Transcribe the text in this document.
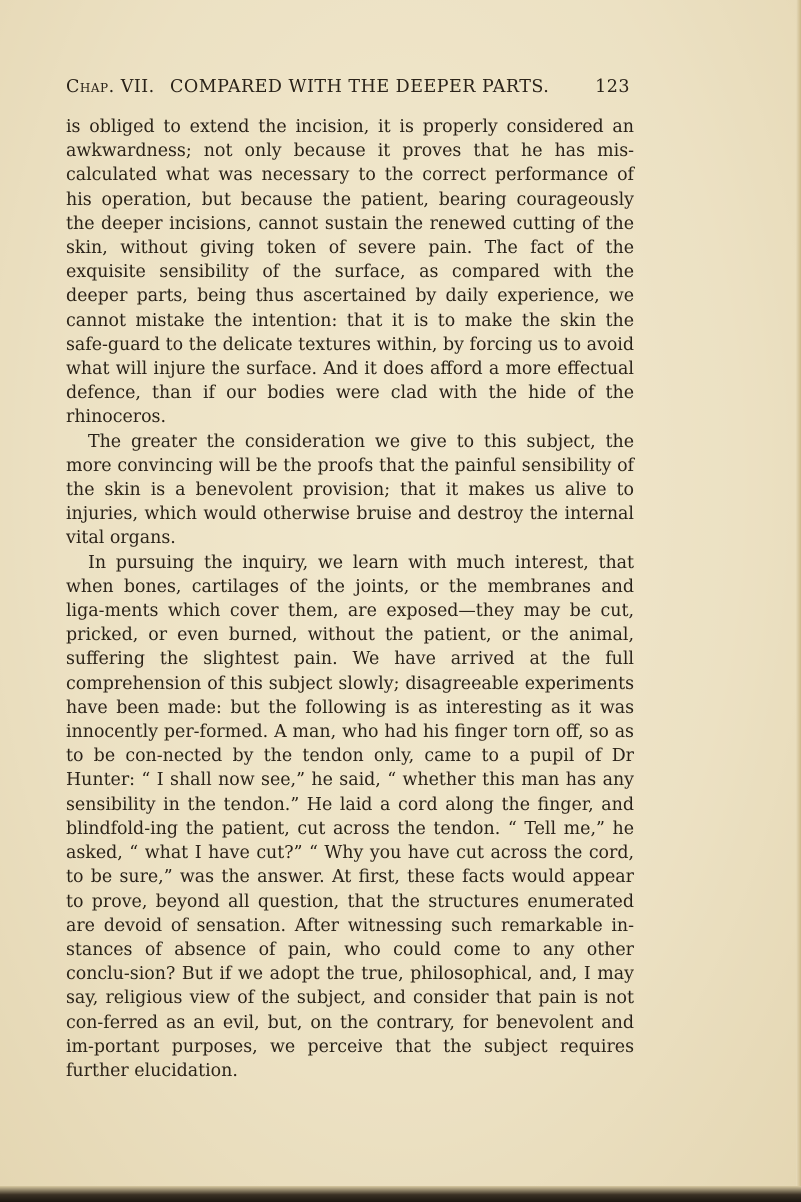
Chap. VII. COMPARED WITH THE DEEPER PARTS.	123

is obliged to extend the incision, it is properly considered an awkwardness; not only because it proves that he has mis-calculated what was necessary to the correct performance of his operation, but because the patient, bearing courageously the deeper incisions, cannot sustain the renewed cutting of the skin, without giving token of severe pain. The fact of the exquisite sensibility of the surface, as compared with the deeper parts, being thus ascertained by daily experience, we cannot mistake the intention: that it is to make the skin the safe-guard to the delicate textures within, by forcing us to avoid what will injure the surface. And it does afford a more effectual defence, than if our bodies were clad with the hide of the rhinoceros.

The greater the consideration we give to this subject, the more convincing will be the proofs that the painful sensibility of the skin is a benevolent provision; that it makes us alive to injuries, which would otherwise bruise and destroy the internal vital organs.

In pursuing the inquiry, we learn with much interest, that when bones, cartilages of the joints, or the membranes and liga-ments which cover them, are exposed—they may be cut, pricked, or even burned, without the patient, or the animal, suffering the slightest pain. We have arrived at the full comprehension of this subject slowly; disagreeable experiments have been made: but the following is as interesting as it was innocently per-formed. A man, who had his finger torn off, so as to be con-nected by the tendon only, came to a pupil of Dr Hunter: “ I shall now see,” he said, “ whether this man has any sensibility in the tendon.” He laid a cord along the finger, and blindfold-ing the patient, cut across the tendon. “ Tell me,” he asked, “ what I have cut?” “ Why you have cut across the cord, to be sure,” was the answer. At first, these facts would appear to prove, beyond all question, that the structures enumerated are devoid of sensation. After witnessing such remarkable in-stances of absence of pain, who could come to any other conclu-sion? But if we adopt the true, philosophical, and, I may say, religious view of the subject, and consider that pain is not con-ferred as an evil, but, on the contrary, for benevolent and im-portant purposes, we perceive that the subject requires further elucidation.
